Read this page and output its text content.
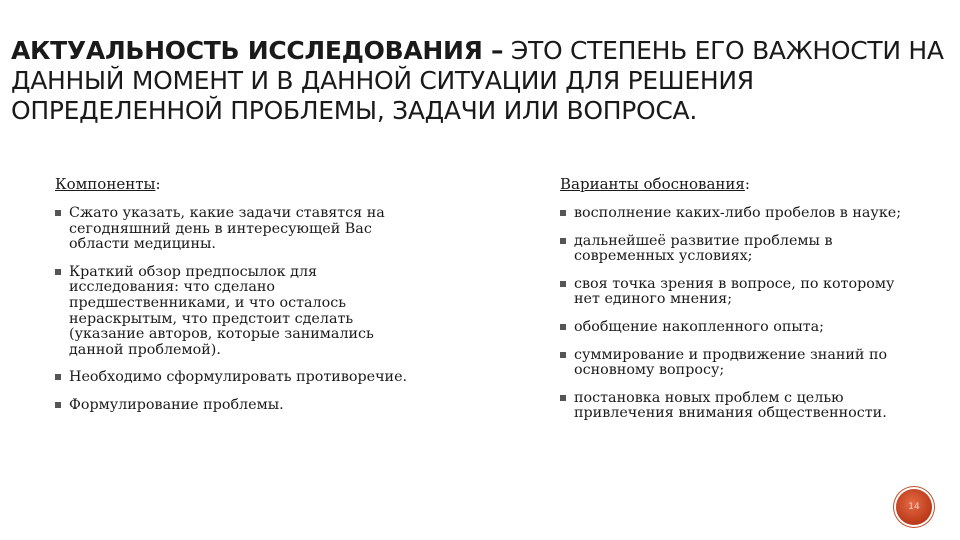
АКТУАЛЬНОСТЬ ИССЛЕДОВАНИЯ – ЭТО СТЕПЕНЬ ЕГО ВАЖНОСТИ НА ДАННЫЙ МОМЕНТ И В ДАННОЙ СИТУАЦИИ ДЛЯ РЕШЕНИЯ ОПРЕДЕЛЕННОЙ ПРОБЛЕМЫ, ЗАДАЧИ ИЛИ ВОПРОСА.

Компоненты:

Сжато указать, какие задачи ставятся на сегодняшний день в интересующей Вас области медицины.
Краткий обзор предпосылок для исследования: что сделано предшественниками, и что осталось нераскрытым, что предстоит сделать (указание авторов, которые занимались данной проблемой).
Необходимо сформулировать противоречие.
Формулирование проблемы.

Варианты обоснования:

восполнение каких-либо пробелов в науке;
дальнейшеё развитие проблемы в современных условиях;
своя точка зрения в вопросе, по которому нет единого мнения;
обобщение накопленного опыта;
суммирование и продвижение знаний по основному вопросу;
постановка новых проблем с целью привлечения внимания общественности.
14
